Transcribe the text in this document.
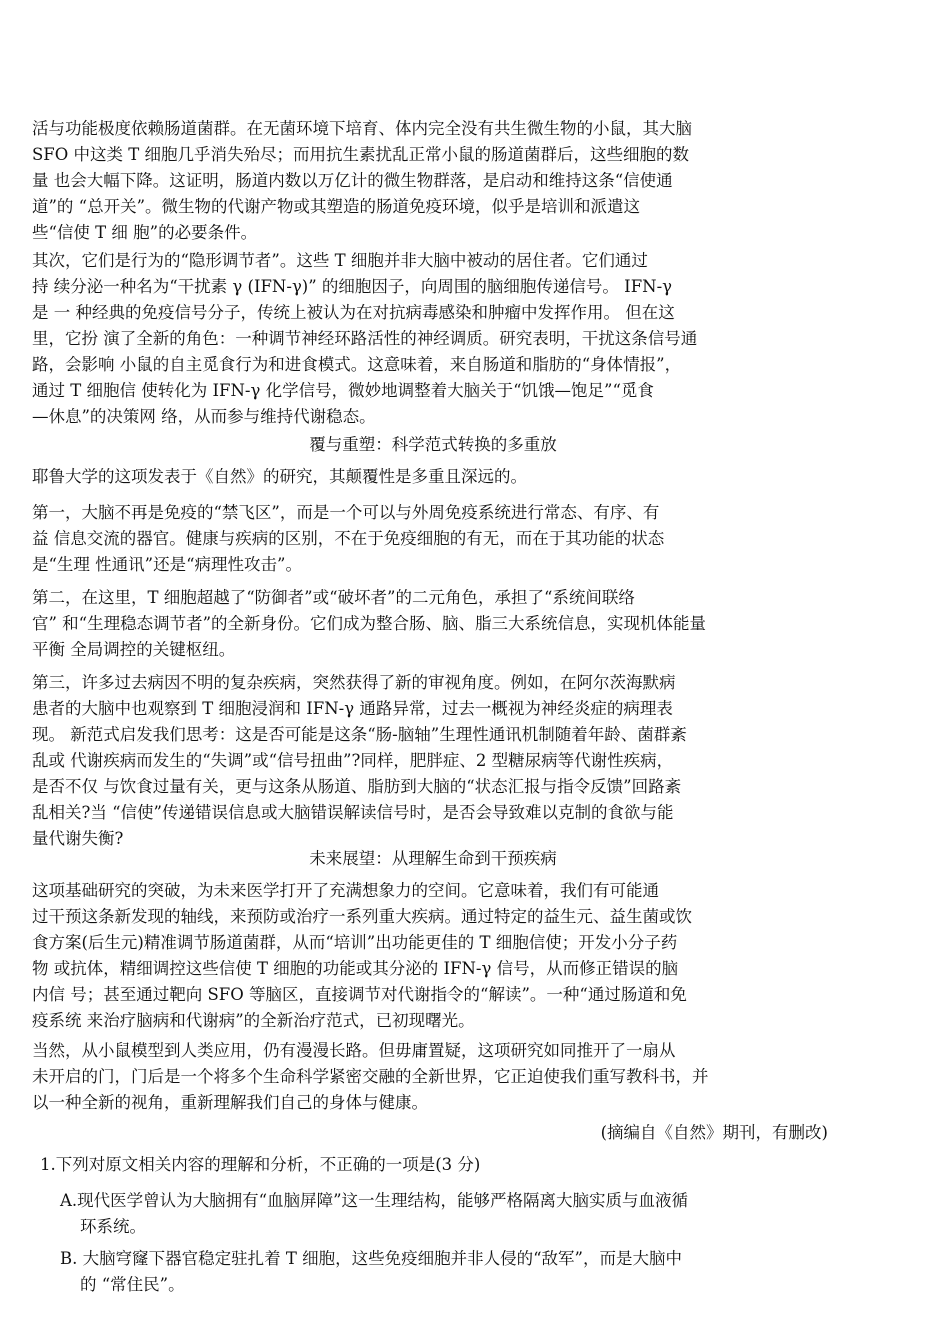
活与功能极度依赖肠道菌群。在无菌环境下培育、体内完全没有共生微生物的小鼠，其大脑
SFO 中这类 T 细胞几乎消失殆尽；而用抗生素扰乱正常小鼠的肠道菌群后，这些细胞的数
量 也会大幅下降。这证明，肠道内数以万亿计的微生物群落，是启动和维持这条“信使通
道”的 “总开关”。微生物的代谢产物或其塑造的肠道免疫环境，似乎是培训和派遣这
些“信使 T 细 胞”的必要条件。
其次，它们是行为的“隐形调节者”。这些 T 细胞并非大脑中被动的居住者。它们通过
持 续分泌一种名为“干扰素 γ (IFN-γ)” 的细胞因子，向周围的脑细胞传递信号。 IFN-γ
是 一 种经典的免疫信号分子，传统上被认为在对抗病毒感染和肿瘤中发挥作用。 但在这
里，它扮 演了全新的角色：一种调节神经环路活性的神经调质。研究表明，干扰这条信号通
路，会影响 小鼠的自主觅食行为和进食模式。这意味着，来自肠道和脂肪的“身体情报”，
通过 T 细胞信 使转化为 IFN-γ 化学信号，微妙地调整着大脑关于“饥饿—饱足”“觅食
—休息”的决策网 络，从而参与维持代谢稳态。
覆与重塑：科学范式转换的多重放
耶鲁大学的这项发表于《自然》的研究，其颠覆性是多重且深远的。
第一，大脑不再是免疫的“禁飞区”，而是一个可以与外周免疫系统进行常态、有序、有
益 信息交流的器官。健康与疾病的区别，不在于免疫细胞的有无，而在于其功能的状态
是“生理 性通讯”还是“病理性攻击”。
第二，在这里，T 细胞超越了“防御者”或“破坏者”的二元角色，承担了“系统间联络
官” 和“生理稳态调节者”的全新身份。它们成为整合肠、脑、脂三大系统信息，实现机体能量
平衡 全局调控的关键枢纽。
第三，许多过去病因不明的复杂疾病，突然获得了新的审视角度。例如，在阿尔茨海默病
患者的大脑中也观察到 T 细胞浸润和 IFN-γ 通路异常，过去一概视为神经炎症的病理表
现。 新范式启发我们思考：这是否可能是这条“肠-脑轴”生理性通讯机制随着年龄、菌群紊
乱或 代谢疾病而发生的“失调”或“信号扭曲”?同样，肥胖症、2 型糖尿病等代谢性疾病，
是否不仅 与饮食过量有关，更与这条从肠道、脂肪到大脑的“状态汇报与指令反馈”回路紊
乱相关?当 “信使”传递错误信息或大脑错误解读信号时，是否会导致难以克制的食欲与能
量代谢失衡?
未来展望：从理解生命到干预疾病
这项基础研究的突破，为未来医学打开了充满想象力的空间。它意味着，我们有可能通
过干预这条新发现的轴线，来预防或治疗一系列重大疾病。通过特定的益生元、益生菌或饮
食方案(后生元)精准调节肠道菌群，从而“培训”出功能更佳的 T 细胞信使；开发小分子药
物 或抗体，精细调控这些信使 T 细胞的功能或其分泌的 IFN-γ 信号，从而修正错误的脑
内信 号；甚至通过靶向 SFO 等脑区，直接调节对代谢指令的“解读”。一种“通过肠道和免
疫系统 来治疗脑病和代谢病”的全新治疗范式，已初现曙光。
当然，从小鼠模型到人类应用，仍有漫漫长路。但毋庸置疑，这项研究如同推开了一扇从
未开启的门，门后是一个将多个生命科学紧密交融的全新世界，它正迫使我们重写教科书，并
以一种全新的视角，重新理解我们自己的身体与健康。

(摘编自《自然》期刊，有删改)

1.下列对原文相关内容的理解和分析，不正确的一项是(3 分)

A.现代医学曾认为大脑拥有“血脑屏障”这一生理结构，能够严格隔离大脑实质与血液循
环系统。
B. 大脑穹窿下器官稳定驻扎着 T 细胞，这些免疫细胞并非人侵的“敌军”，而是大脑中
的 “常住民”。
